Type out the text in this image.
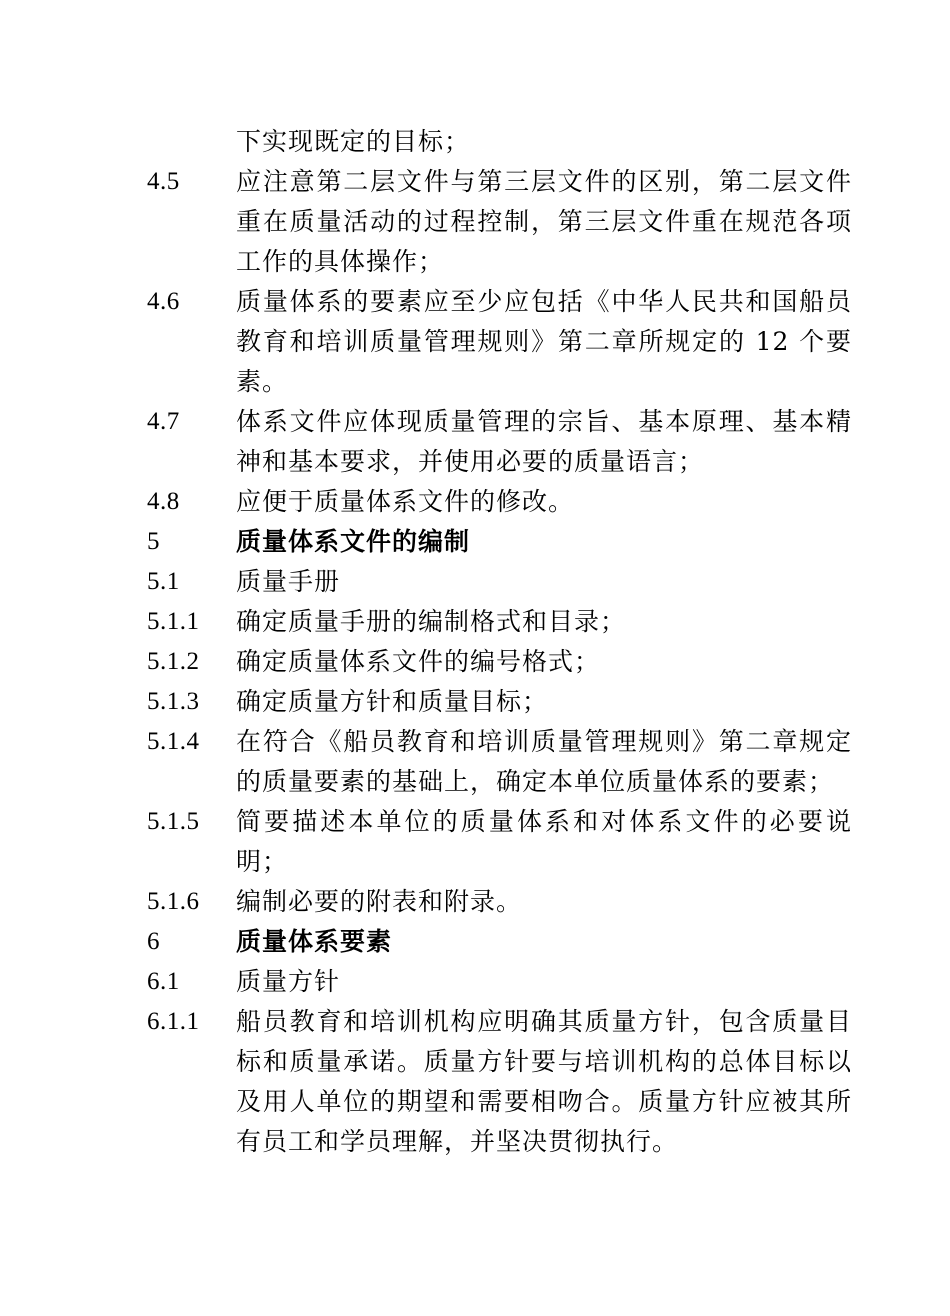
下实现既定的目标；
4.5	应注意第二层文件与第三层文件的区别，第二层文件重在质量活动的过程控制，第三层文件重在规范各项工作的具体操作；
4.6	质量体系的要素应至少应包括《中华人民共和国船员教育和培训质量管理规则》第二章所规定的 12 个要素。
4.7	体系文件应体现质量管理的宗旨、基本原理、基本精神和基本要求，并使用必要的质量语言；
4.8	应便于质量体系文件的修改。
5	质量体系文件的编制
5.1	质量手册
5.1.1	确定质量手册的编制格式和目录；
5.1.2	确定质量体系文件的编号格式；
5.1.3	确定质量方针和质量目标；
5.1.4	在符合《船员教育和培训质量管理规则》第二章规定的质量要素的基础上，确定本单位质量体系的要素；
5.1.5	简要描述本单位的质量体系和对体系文件的必要说明；
5.1.6	编制必要的附表和附录。
6	质量体系要素
6.1	质量方针
6.1.1	船员教育和培训机构应明确其质量方针，包含质量目标和质量承诺。质量方针要与培训机构的总体目标以及用人单位的期望和需要相吻合。质量方针应被其所有员工和学员理解，并坚决贯彻执行。
